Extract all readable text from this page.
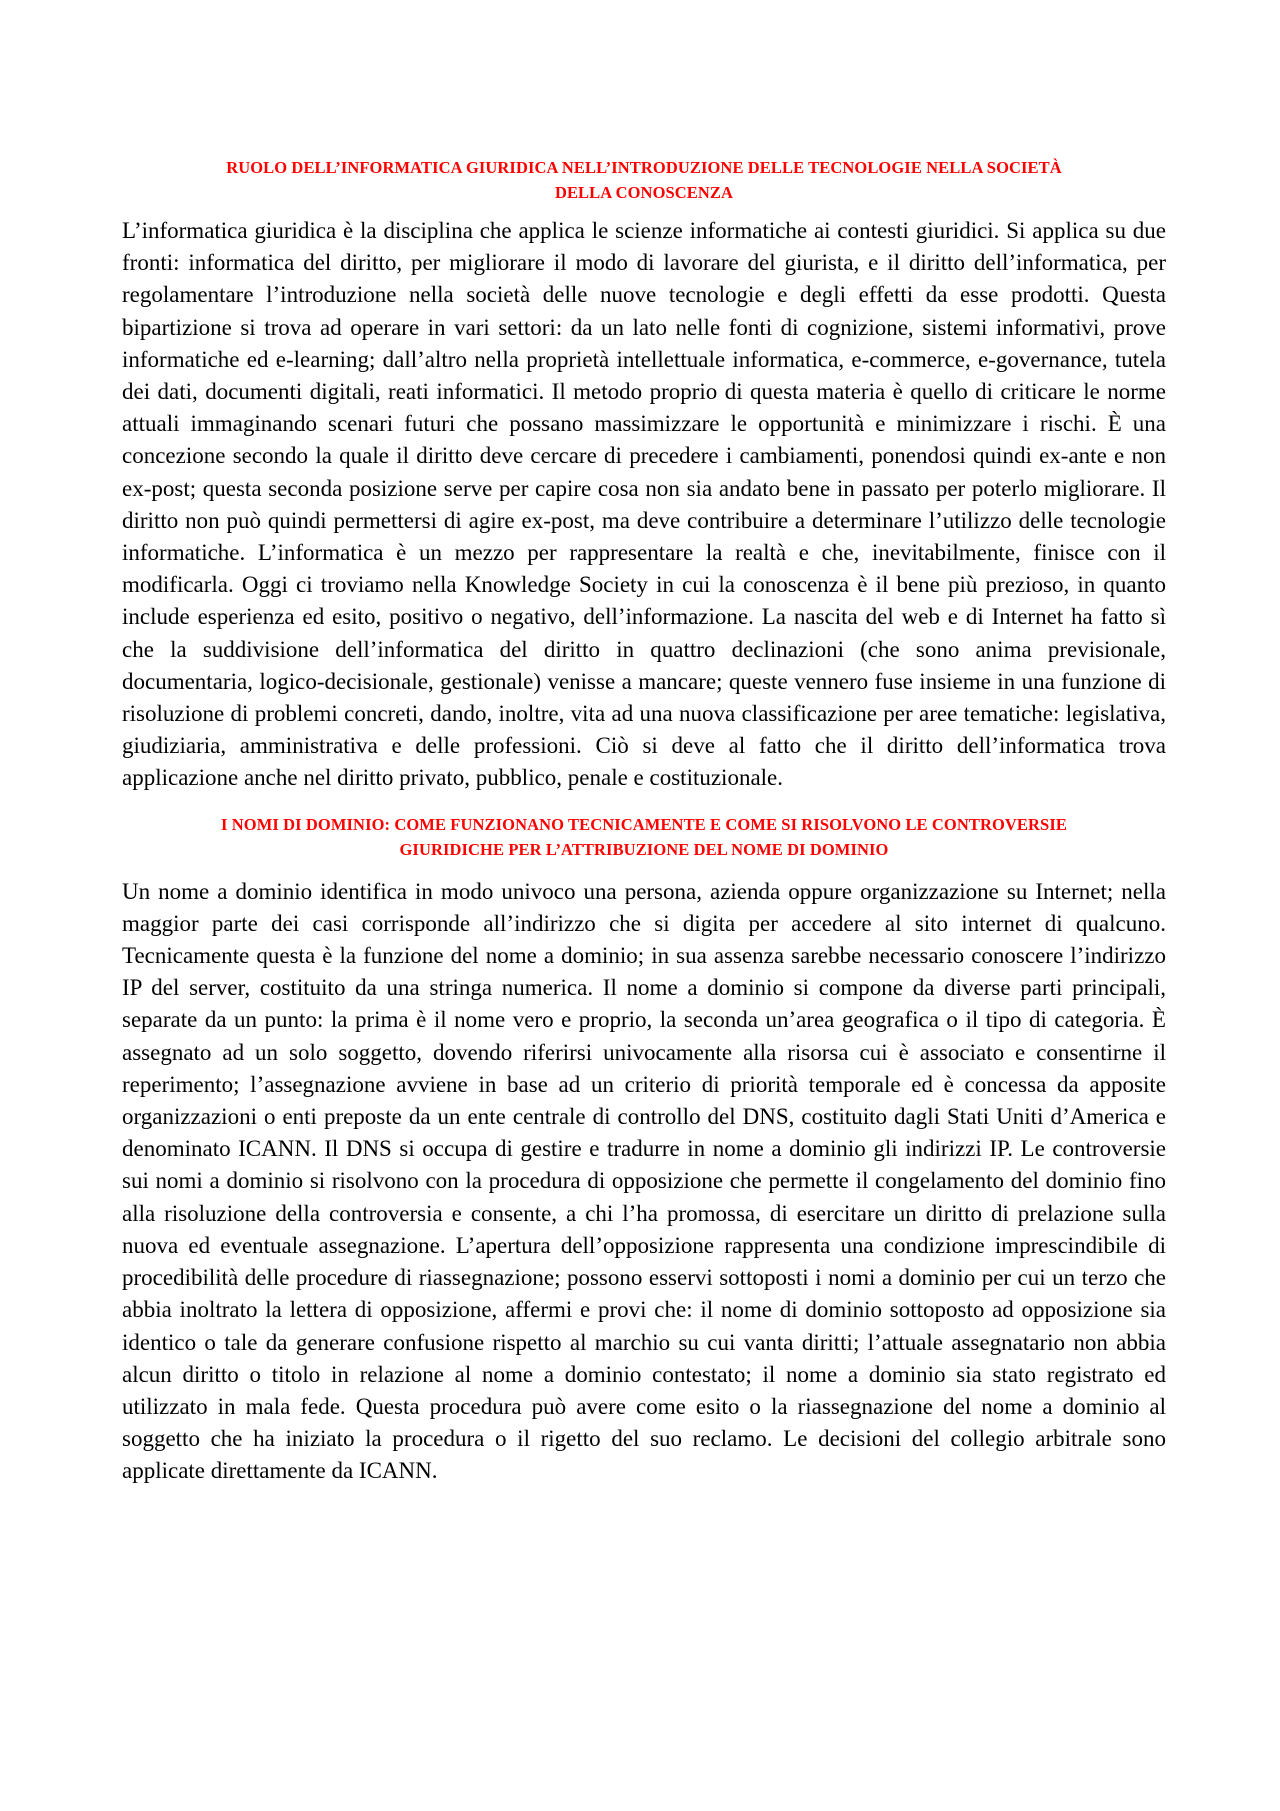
RUOLO DELL’INFORMATICA GIURIDICA NELL’INTRODUZIONE DELLE TECNOLOGIE NELLA SOCIETÀ
DELLA CONOSCENZA

L’informatica giuridica è la disciplina che applica le scienze informatiche ai contesti giuridici. Si applica su due fronti: informatica del diritto, per migliorare il modo di lavorare del giurista, e il diritto dell’informatica, per regolamentare l’introduzione nella società delle nuove tecnologie e degli effetti da esse prodotti. Questa bipartizione si trova ad operare in vari settori: da un lato nelle fonti di cognizione, sistemi informativi, prove informatiche ed e-learning; dall’altro nella proprietà intellettuale informatica, e-commerce, e-governance, tutela dei dati, documenti digitali, reati informatici. Il metodo proprio di questa materia è quello di criticare le norme attuali immaginando scenari futuri che possano massimizzare le opportunità e minimizzare i rischi. È una concezione secondo la quale il diritto deve cercare di precedere i cambiamenti, ponendosi quindi ex-ante e non ex-post; questa seconda posizione serve per capire cosa non sia andato bene in passato per poterlo migliorare. Il diritto non può quindi permettersi di agire ex-post, ma deve contribuire a determinare l’utilizzo delle tecnologie informatiche. L’informatica è un mezzo per rappresentare la realtà e che, inevitabilmente, finisce con il modificarla. Oggi ci troviamo nella Knowledge Society in cui la conoscenza è il bene più prezioso, in quanto include esperienza ed esito, positivo o negativo, dell’informazione. La nascita del web e di Internet ha fatto sì che la suddivisione dell’informatica del diritto in quattro declinazioni (che sono anima previsionale, documentaria, logico-decisionale, gestionale) venisse a mancare; queste vennero fuse insieme in una funzione di risoluzione di problemi concreti, dando, inoltre, vita ad una nuova classificazione per aree tematiche: legislativa, giudiziaria, amministrativa e delle professioni. Ciò si deve al fatto che il diritto dell’informatica trova applicazione anche nel diritto privato, pubblico, penale e costituzionale.

I NOMI DI DOMINIO: COME FUNZIONANO TECNICAMENTE E COME SI RISOLVONO LE CONTROVERSIE
GIURIDICHE PER L’ATTRIBUZIONE DEL NOME DI DOMINIO

Un nome a dominio identifica in modo univoco una persona, azienda oppure organizzazione su Internet; nella maggior parte dei casi corrisponde all’indirizzo che si digita per accedere al sito internet di qualcuno. Tecnicamente questa è la funzione del nome a dominio; in sua assenza sarebbe necessario conoscere l’indirizzo IP del server, costituito da una stringa numerica. Il nome a dominio si compone da diverse parti principali, separate da un punto: la prima è il nome vero e proprio, la seconda un’area geografica o il tipo di categoria. È assegnato ad un solo soggetto, dovendo riferirsi univocamente alla risorsa cui è associato e consentirne il reperimento; l’assegnazione avviene in base ad un criterio di priorità temporale ed è concessa da apposite organizzazioni o enti preposte da un ente centrale di controllo del DNS, costituito dagli Stati Uniti d’America e denominato ICANN. Il DNS si occupa di gestire e tradurre in nome a dominio gli indirizzi IP. Le controversie sui nomi a dominio si risolvono con la procedura di opposizione che permette il congelamento del dominio fino alla risoluzione della controversia e consente, a chi l’ha promossa, di esercitare un diritto di prelazione sulla nuova ed eventuale assegnazione. L’apertura dell’opposizione rappresenta una condizione imprescindibile di procedibilità delle procedure di riassegnazione; possono esservi sottoposti i nomi a dominio per cui un terzo che abbia inoltrato la lettera di opposizione, affermi e provi che: il nome di dominio sottoposto ad opposizione sia identico o tale da generare confusione rispetto al marchio su cui vanta diritti; l’attuale assegnatario non abbia alcun diritto o titolo in relazione al nome a dominio contestato; il nome a dominio sia stato registrato ed utilizzato in mala fede. Questa procedura può avere come esito o la riassegnazione del nome a dominio al soggetto che ha iniziato la procedura o il rigetto del suo reclamo. Le decisioni del collegio arbitrale sono applicate direttamente da ICANN.
